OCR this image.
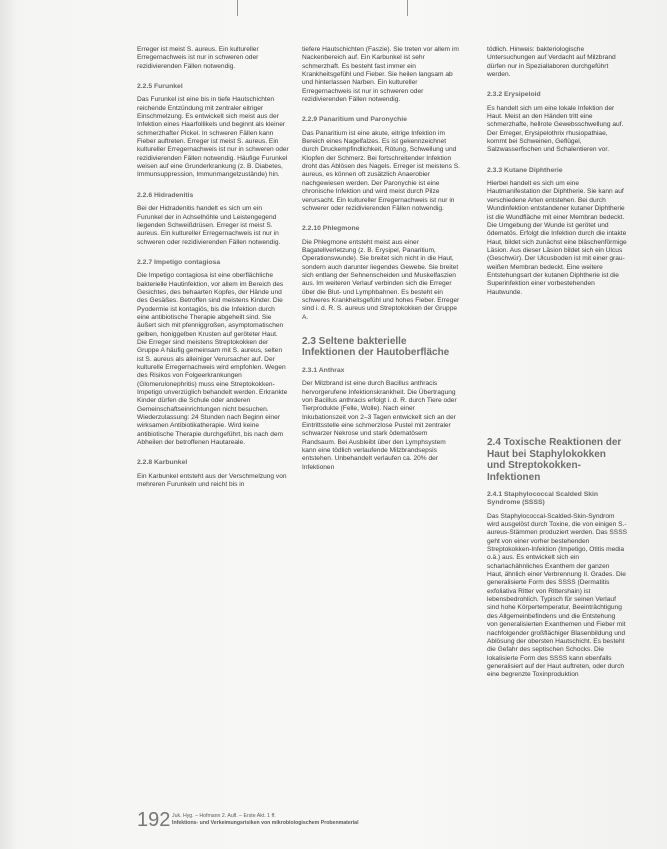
Erreger ist meist S. aureus. Ein kultureller Erregernachweis ist nur in schweren oder rezidivierenden Fällen notwendig.

2.2.5 Furunkel

Das Furunkel ist eine bis in tiefe Hautschichten reichende Entzündung mit zentraler eitriger Einschmelzung. Es entwickelt sich meist aus der Infektion eines Haarfollikels und beginnt als kleiner schmerzhafter Pickel. In schweren Fällen kann Fieber auftreten. Erreger ist meist S. aureus. Ein kultureller Erregernachweis ist nur in schweren oder rezidivierenden Fällen notwendig. Häufige Furunkel weisen auf eine Grunderkrankung (z. B. Diabetes, Immunsuppression, Immunmangelzustände) hin.

2.2.6 Hidradenitis

Bei der Hidradenitis handelt es sich um ein Furunkel der in Achselhöhle und Leistengegend liegenden Schweißdrüsen. Erreger ist meist S. aureus. Ein kultureller Erregernachweis ist nur in schweren oder rezidivierenden Fällen notwendig.

2.2.7 Impetigo contagiosa

Die Impetigo contagiosa ist eine oberflächliche bakterielle Hautinfektion, vor allem im Bereich des Gesichtes, des behaarten Kopfes, der Hände und des Gesäßes. Betroffen sind meistens Kinder. Die Pyodermie ist kontagiös, bis die Infektion durch eine antibiotische Therapie abgeheilt sind. Sie äußert sich mit pfenniggroßen, asymptomatischen gelben, honiggelben Krusten auf geröteter Haut. Die Erreger sind meistens Streptokokken der Gruppe A häufig gemeinsam mit S. aureus, selten ist S. aureus als alleiniger Verursacher auf. Der kulturelle Erregernachweis wird empfohlen. Wegen des Risikos von Folgeerkrankungen (Glomerulonephritis) muss eine Streptokokken-Impetigo unverzüglich behandelt werden. Erkrankte Kinder dürfen die Schule oder anderen Gemeinschaftseinrichtungen nicht besuchen. Wiederzulassung: 24 Stunden nach Beginn einer wirksamen Antibiotikatherapie. Wird keine antibiotische Therapie durchgeführt, bis nach dem Abheilen der betroffenen Hautareale.

2.2.8 Karbunkel

Ein Karbunkel entsteht aus der Verschmelzung von mehreren Furunkeln und reicht bis in

tiefere Hautschichten (Faszie). Sie treten vor allem im Nackenbereich auf. Ein Karbunkel ist sehr schmerzhaft. Es besteht fast immer ein Krankheitsgefühl und Fieber. Sie heilen langsam ab und hinterlassen Narben. Ein kultureller Erregernachweis ist nur in schweren oder rezidivierenden Fällen notwendig.

2.2.9 Panaritium und Paronychie

Das Panaritium ist eine akute, eitrige Infektion im Bereich eines Nagelfalzes. Es ist gekennzeichnet durch Druckempfindlichkeit, Rötung, Schwellung und Klopfen der Schmerz. Bei fortschreitender Infektion droht das Ablösen des Nagels. Erreger ist meistens S. aureus, es können oft zusätzlich Anaerobier nachgewiesen werden. Der Paronychie ist eine chronische Infektion und wird meist durch Pilze verursacht. Ein kultureller Erregernachweis ist nur in schwerer oder rezidivierenden Fällen notwendig.

2.2.10 Phlegmone

Die Phlegmone entsteht meist aus einer Bagatellverletzung (z. B. Erysipel, Panaritium, Operationswunde). Sie breitet sich nicht in die Haut, sondern auch darunter liegendes Gewebe. Sie breitet sich entlang der Sehnenscheiden und Muskelfaszien aus. Im weiteren Verlauf verbinden sich die Erreger über die Blut- und Lymphbahnen. Es besteht ein schweres Krankheitsgefühl und hohes Fieber. Erreger sind i. d. R. S. aureus und Streptokokken der Gruppe A.

2.3 Seltene bakterielle Infektionen der Hautoberfläche
2.3.1 Anthrax

Der Milzbrand ist eine durch Bacillus anthracis hervorgerufene Infektionskrankheit. Die Übertragung von Bacillus anthracis erfolgt i. d. R. durch Tiere oder Tierprodukte (Felle, Wolle). Nach einer Inkubationszeit von 2–3 Tagen entwickelt sich an der Eintrittsstelle eine schmerzlose Pustel mit zentraler schwarzer Nekrose und stark ödematösem Randsaum. Bei Ausbleibt über den Lymphsystem kann eine tödlich verlaufende Milzbrandsepsis entstehen. Unbehandelt verlaufen ca. 20% der Infektionen

tödlich. Hinweis: bakteriologische Untersuchungen auf Verdacht auf Milzbrand dürfen nur in Speziallaboren durchgeführt werden.

2.3.2 Erysipeloid

Es handelt sich um eine lokale Infektion der Haut. Meist an den Händen tritt eine schmerzhafte, hellrote Gewebsschwellung auf. Der Erreger, Erysipelothrix rhusiopathiae, kommt bei Schweinen, Geflügel, Salzwasserfischen und Schalentieren vor.

2.3.3 Kutane Diphtherie

Hierbei handelt es sich um eine Hautmanifestation der Diphtherie. Sie kann auf verschiedene Arten entstehen. Bei durch Wundinfektion entstandener kutaner Diphtherie ist die Wundfläche mit einer Membran bedeckt. Die Umgebung der Wunde ist gerötet und ödematös. Erfolgt die Infektion durch die intakte Haut, bildet sich zunächst eine bläschenförmige Läsion. Aus dieser Läsion bildet sich ein Ulcus (Geschwür). Der Ulcusboden ist mit einer grau-weißen Membran bedeckt. Eine weitere Entstehungsart der kutanen Diphtherie ist die Superinfektion einer vorbestehenden Hautwunde.

2.4 Toxische Reaktionen der Haut bei Staphylokokken und Streptokokken-Infektionen
2.4.1 Staphylococcal Scalded Skin Syndrome (SSSS)

Das Staphylococcal-Scalded-Skin-Syndrom wird ausgelöst durch Toxine, die von einigen S.-aureus-Stämmen produziert werden. Das SSSS geht von einer vorher bestehenden Streptokokken-Infektion (Impetigo, Otitis media o.ä.) aus. Es entwickelt sich ein scharlachähnliches Exanthem der ganzen Haut, ähnlich einer Verbrennung II. Grades. Die generalisierte Form des SSSS (Dermatitis exfoliativa Ritter von Rittershain) ist lebensbedrohlich. Typisch für seinen Verlauf sind hohe Körpertemperatur, Beeinträchtigung des Allgemeinbefindens und die Entstehung von generalisierten Exanthemen und Fieber mit nachfolgender großflächiger Blasenbildung und Ablösung der obersten Hautschicht. Es besteht die Gefahr des septischen Schocks. Die lokalisierte Form des SSSS kann ebenfalls generalisiert auf der Haut auftreten, oder durch eine begrenzte Toxinproduktion

192 Juk. Hyg. – Hofmann 2. Aufl. – Erste Akt. 1 ff.
Infektions- und Verkeimungsrisiken von mikrobiologischem Probenmaterial
